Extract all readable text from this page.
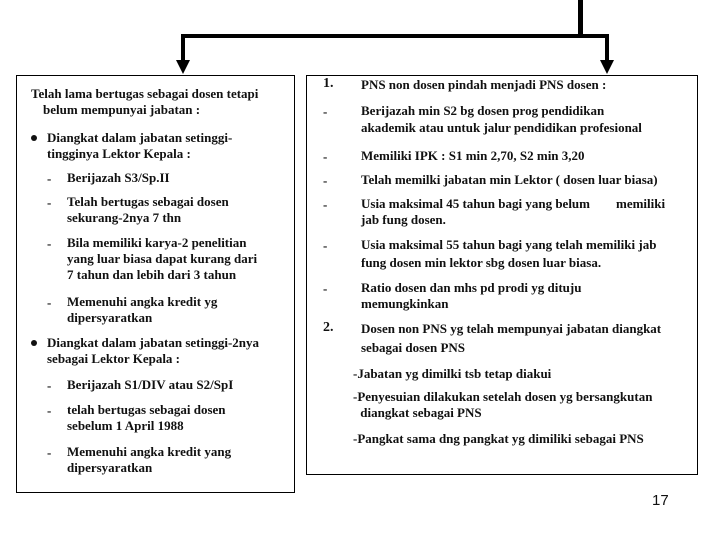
Telah lama bertugas sebagai dosen tetapi
belum mempunyai jabatan :
Diangkat dalam jabatan setinggi-
tingginya Lektor Kepala :
- Berijazah S3/Sp.II
- Telah bertugas sebagai dosen
sekurang-2nya 7 thn
- Bila memiliki karya-2 penelitian
yang luar biasa dapat kurang dari
7 tahun dan lebih dari 3 tahun
- Memenuhi angka kredit yg
dipersyaratkan
Diangkat dalam jabatan setinggi-2nya
sebagai Lektor Kepala :
- Berijazah S1/DIV atau S2/SpI
- telah bertugas sebagai dosen
sebelum 1 April 1988
- Memenuhi angka kredit yang
dipersyaratkan
1. PNS non dosen pindah menjadi PNS dosen :
-	Berijazah min S2 bg dosen prog pendidikan
akademik atau untuk jalur pendidikan profesional
-	Memiliki IPK : S1 min 2,70, S2 min 3,20
-	Telah memilki jabatan min Lektor ( dosen luar biasa)
-	Usia maksimal 45 tahun bagi yang belum        memiliki
jab fung dosen.
-	Usia maksimal 55 tahun bagi yang telah memiliki jab
fung dosen min lektor sbg dosen luar biasa.
-	Ratio dosen dan mhs pd prodi yg dituju
memungkinkan
2. Dosen non PNS yg telah mempunyai jabatan diangkat
sebagai dosen PNS
-Jabatan yg dimilki tsb tetap diakui
-Penyesuian dilakukan setelah dosen yg bersangkutan
diangkat sebagai PNS
-Pangkat sama dng pangkat yg dimiliki sebagai PNS
17
